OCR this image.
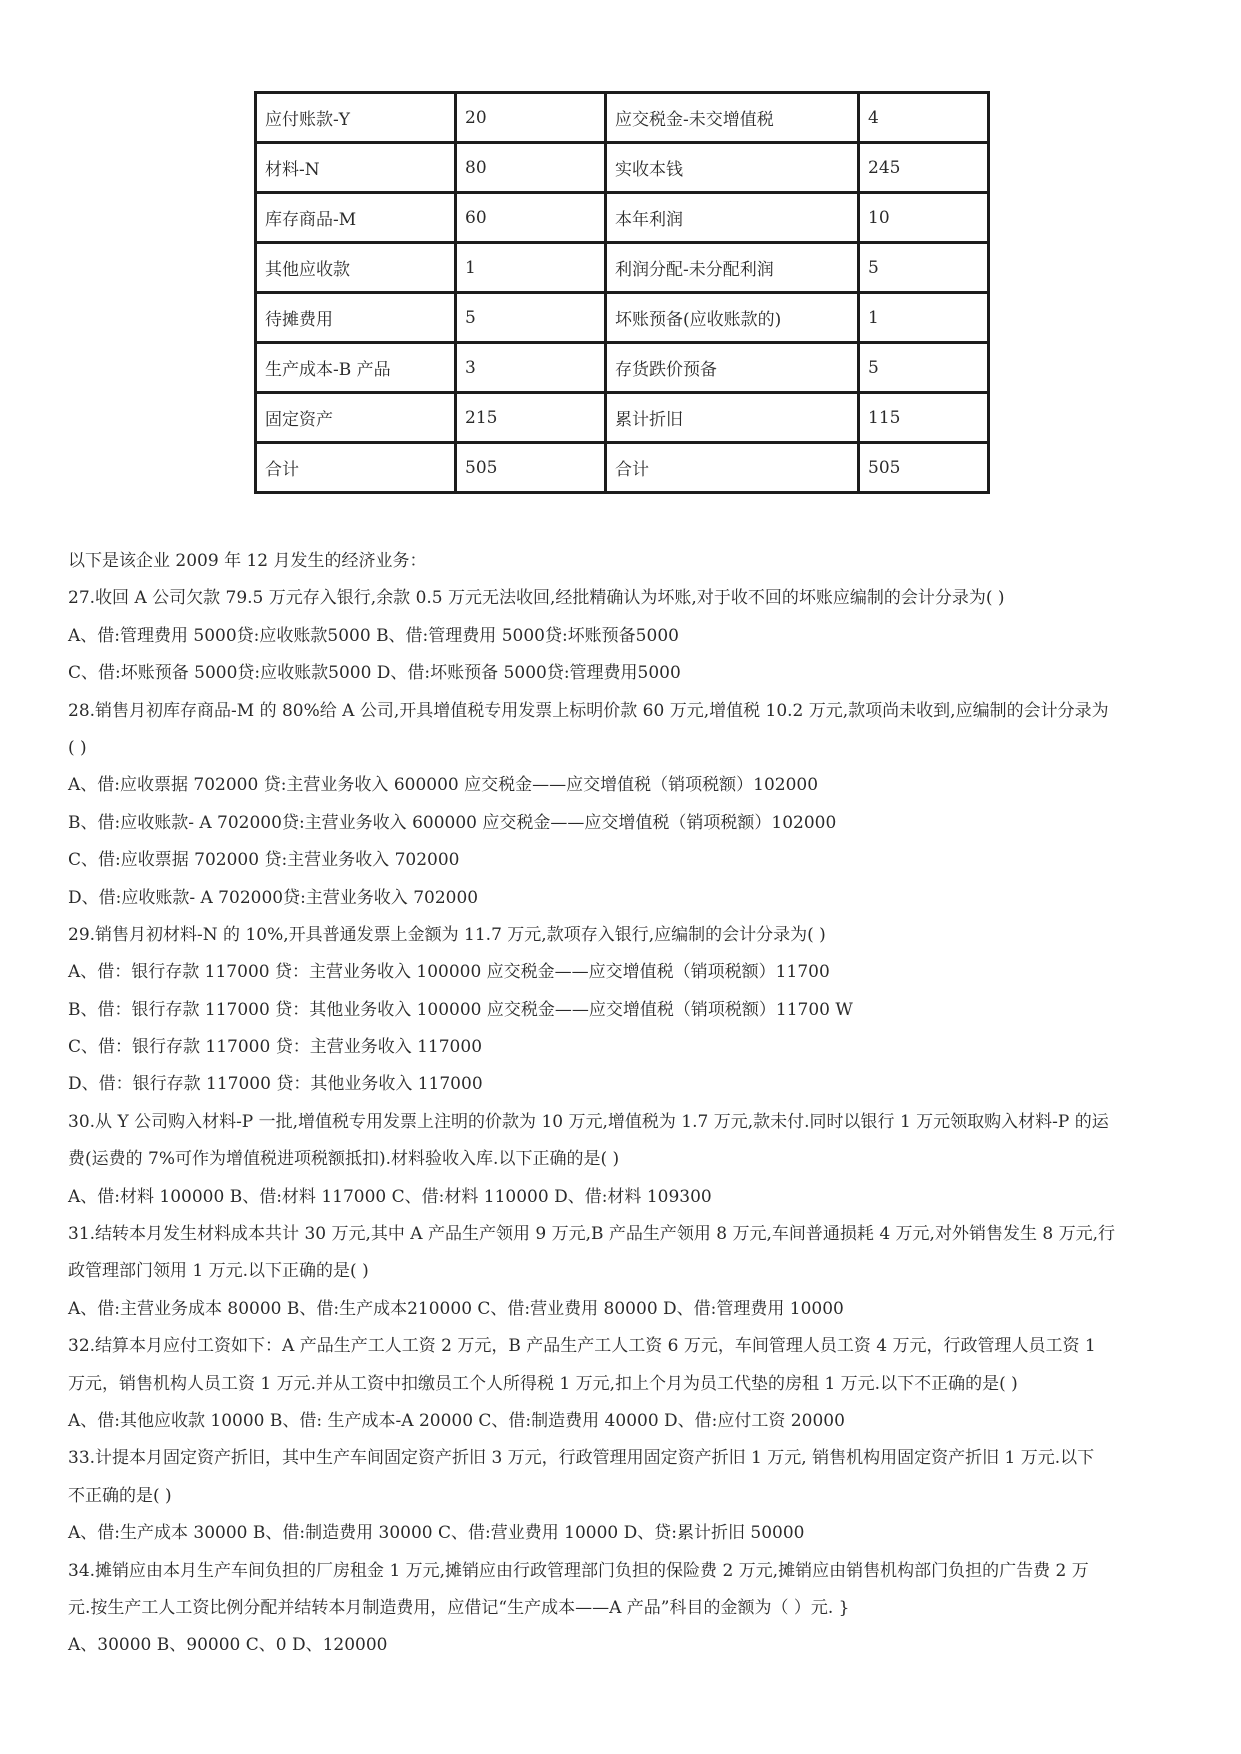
应付账款-Y	20	应交税金-未交增值税	4
材料-N	80	实收本钱	245
库存商品-M	60	本年利润	10
其他应收款	1	利润分配-未分配利润	5
待摊费用	5	坏账预备(应收账款的)	1
生产成本-B 产品	3	存货跌价预备	5
固定资产	215	累计折旧	115
合计	505	合计	505
以下是该企业 2009 年 12 月发生的经济业务：
27.收回 A 公司欠款 79.5 万元存入银行,余款 0.5 万元无法收回,经批精确认为坏账,对于收不回的坏账应编制的会计分录为( )
A、借:管理费用 5000贷:应收账款5000 B、借:管理费用 5000贷:坏账预备5000
C、借:坏账预备 5000贷:应收账款5000 D、借:坏账预备 5000贷:管理费用5000
28.销售月初库存商品-M 的 80%给 A 公司,开具增值税专用发票上标明价款 60 万元,增值税 10.2 万元,款项尚未收到,应编制的会计分录为
( )
A、借:应收票据 702000 贷:主营业务收入 600000 应交税金——应交增值税（销项税额）102000
B、借:应收账款- A 702000贷:主营业务收入 600000 应交税金——应交增值税（销项税额）102000
C、借:应收票据 702000 贷:主营业务收入 702000
D、借:应收账款- A 702000贷:主营业务收入 702000
29.销售月初材料-N 的 10%,开具普通发票上金额为 11.7 万元,款项存入银行,应编制的会计分录为( )
A、借：银行存款 117000 贷：主营业务收入 100000 应交税金——应交增值税（销项税额）11700
B、借：银行存款 117000 贷：其他业务收入 100000 应交税金——应交增值税（销项税额）11700 W
C、借：银行存款 117000 贷：主营业务收入 117000
D、借：银行存款 117000 贷：其他业务收入 117000
30.从 Y 公司购入材料-P 一批,增值税专用发票上注明的价款为 10 万元,增值税为 1.7 万元,款未付.同时以银行 1 万元领取购入材料-P 的运
费(运费的 7%可作为增值税进项税额抵扣).材料验收入库.以下正确的是( )
A、借:材料 100000 B、借:材料 117000 C、借:材料 110000 D、借:材料 109300
31.结转本月发生材料成本共计 30 万元,其中 A 产品生产领用 9 万元,B 产品生产领用 8 万元,车间普通损耗 4 万元,对外销售发生 8 万元,行
政管理部门领用 1 万元.以下正确的是( )
A、借:主营业务成本 80000 B、借:生产成本210000 C、借:营业费用 80000 D、借:管理费用 10000
32.结算本月应付工资如下：A 产品生产工人工资 2 万元，B 产品生产工人工资 6 万元，车间管理人员工资 4 万元，行政管理人员工资 1
万元，销售机构人员工资 1 万元.并从工资中扣缴员工个人所得税 1 万元,扣上个月为员工代垫的房租 1 万元.以下不正确的是( )
A、借:其他应收款 10000 B、借: 生产成本-A 20000 C、借:制造费用 40000 D、借:应付工资 20000
33.计提本月固定资产折旧，其中生产车间固定资产折旧 3 万元，行政管理用固定资产折旧 1 万元, 销售机构用固定资产折旧 1 万元.以下
不正确的是( )
A、借:生产成本 30000 B、借:制造费用 30000 C、借:营业费用 10000 D、贷:累计折旧 50000
34.摊销应由本月生产车间负担的厂房租金 1 万元,摊销应由行政管理部门负担的保险费 2 万元,摊销应由销售机构部门负担的广告费 2 万
元.按生产工人工资比例分配并结转本月制造费用，应借记“生产成本——A 产品”科目的金额为（ ）元. }
A、30000 B、90000 C、0 D、120000
